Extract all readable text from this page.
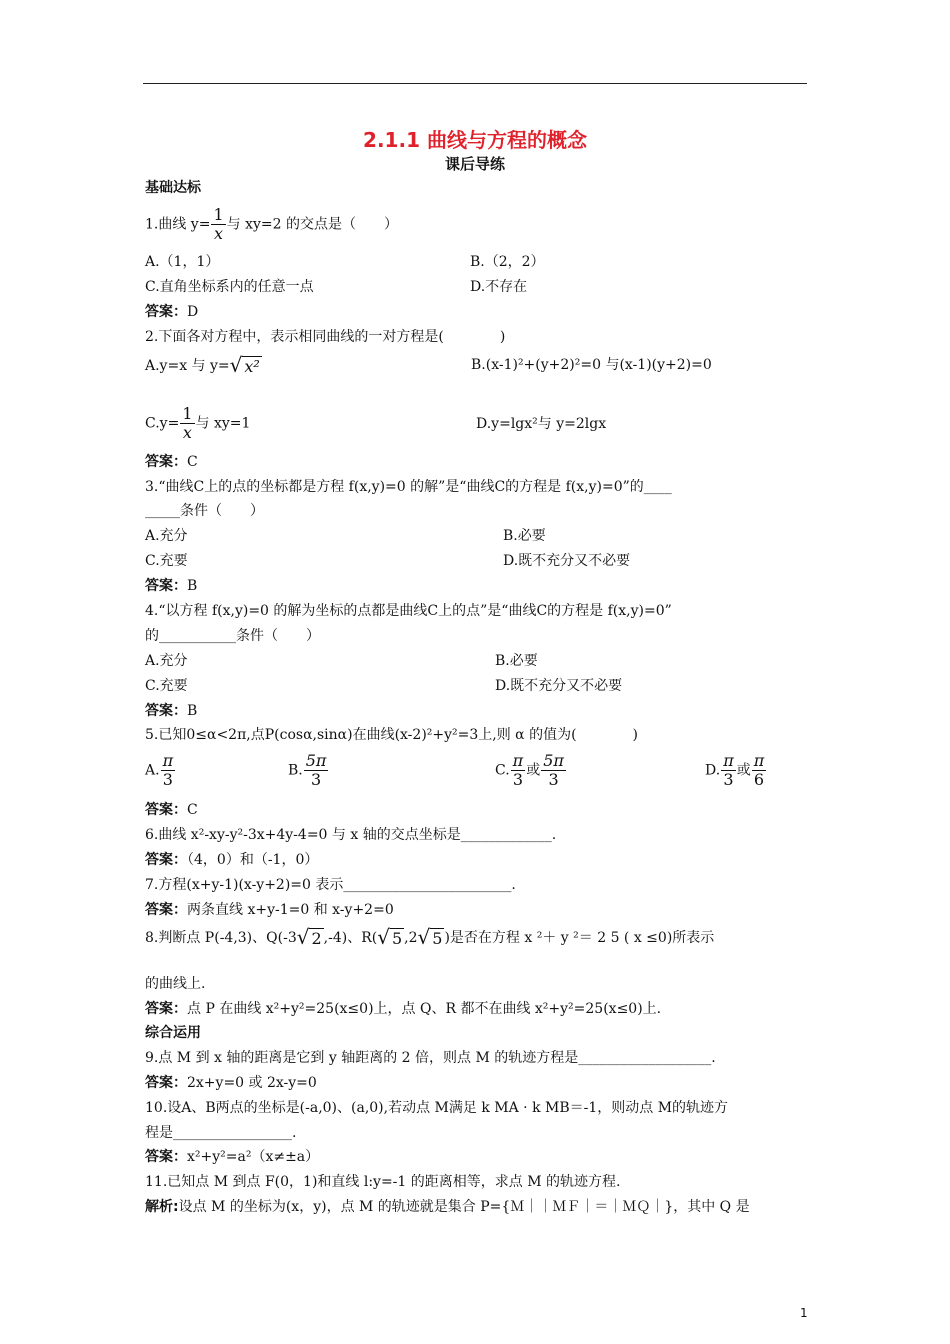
2.1.1 曲线与方程的概念
课后导练
基础达标
1.曲线 $y= \frac{1}{x}$ 与 xy=2 的交点是（　　）
A.（1，1）	B.（2，2）
C.直角坐标系内的任意一点	D.不存在
答案：D
2.下面各对方程中，表示相同曲线的一对方程是(　　　　)
A.y=x 与 y=√ x²	B.(x-1)²+(y+2)²=0 与(x-1)(y+2)=0
$C.y= \frac{1}{x}$ 与 xy=1	D.y=lgx²与 y=2lgx
答案：C
3.“曲线C上的点的坐标都是方程 f(x,y)=0 的解”是“曲线C的方程是 f(x,y)=0”的____
_____条件（　　）
A.充分	B.必要
C.充要	D.既不充分又不必要
答案：B
4.“以方程 f(x,y)=0 的解为坐标的点都是曲线C上的点”是“曲线C的方程是 f(x,y)=0”
的___________条件（　　）
A.充分	B.必要
C.充要	D.既不充分又不必要
答案：B
5.已知0≤α<2π,点P(cosα,sinα)在曲线(x-2)²+y²=3上,则 α 的值为(　　　　)
A. $\frac{\pi}{3}$	B. $\frac{5\pi}{3}$	C. $\frac{\pi}{3}$ 或 $\frac{5\pi}{3}$	D. $\frac{\pi}{3}$ 或 $\frac{\pi}{6}$
答案：C
6.曲线 x²-xy-y²-3x+4y-4=0 与 x 轴的交点坐标是_____________.
答案：（4，0）和（-1，0）
7.方程(x+y-1)(x-y+2)=0 表示________________________.
答案：两条直线 x+y-1=0 和 x-y+2=0
8.判断点 P(-4,3)、Q(-3√ 2 ,-4)、R(√ 5 ,2√ 5 )是否在方程 x ²＋ y ²＝ 2 5 ( x ≤0)所表示
的曲线上.
答案：点 P 在曲线 x²+y²=25(x≤0)上，点 Q、R 都不在曲线 x²+y²=25(x≤0)上.
综合运用
9.点 M 到 x 轴的距离是它到 y 轴距离的 2 倍，则点 M 的轨迹方程是___________________.
答案：2x+y=0 或 2x-y=0
10.设A、B两点的坐标是(-a,0)、(a,0),若动点 M满足 k MA · k MB＝-1，则动点 M的轨迹方
程是_________________.
答案：x²+y²=a²（x≠±a）
11.已知点 M 到点 F(0，1)和直线 l:y=-1 的距离相等，求点 M 的轨迹方程.
解析:设点 M 的坐标为(x，y)，点 M 的轨迹就是集合 P={Ｍ｜｜ＭＦ｜＝｜ＭＱ｜}，其中 Q 是
1
